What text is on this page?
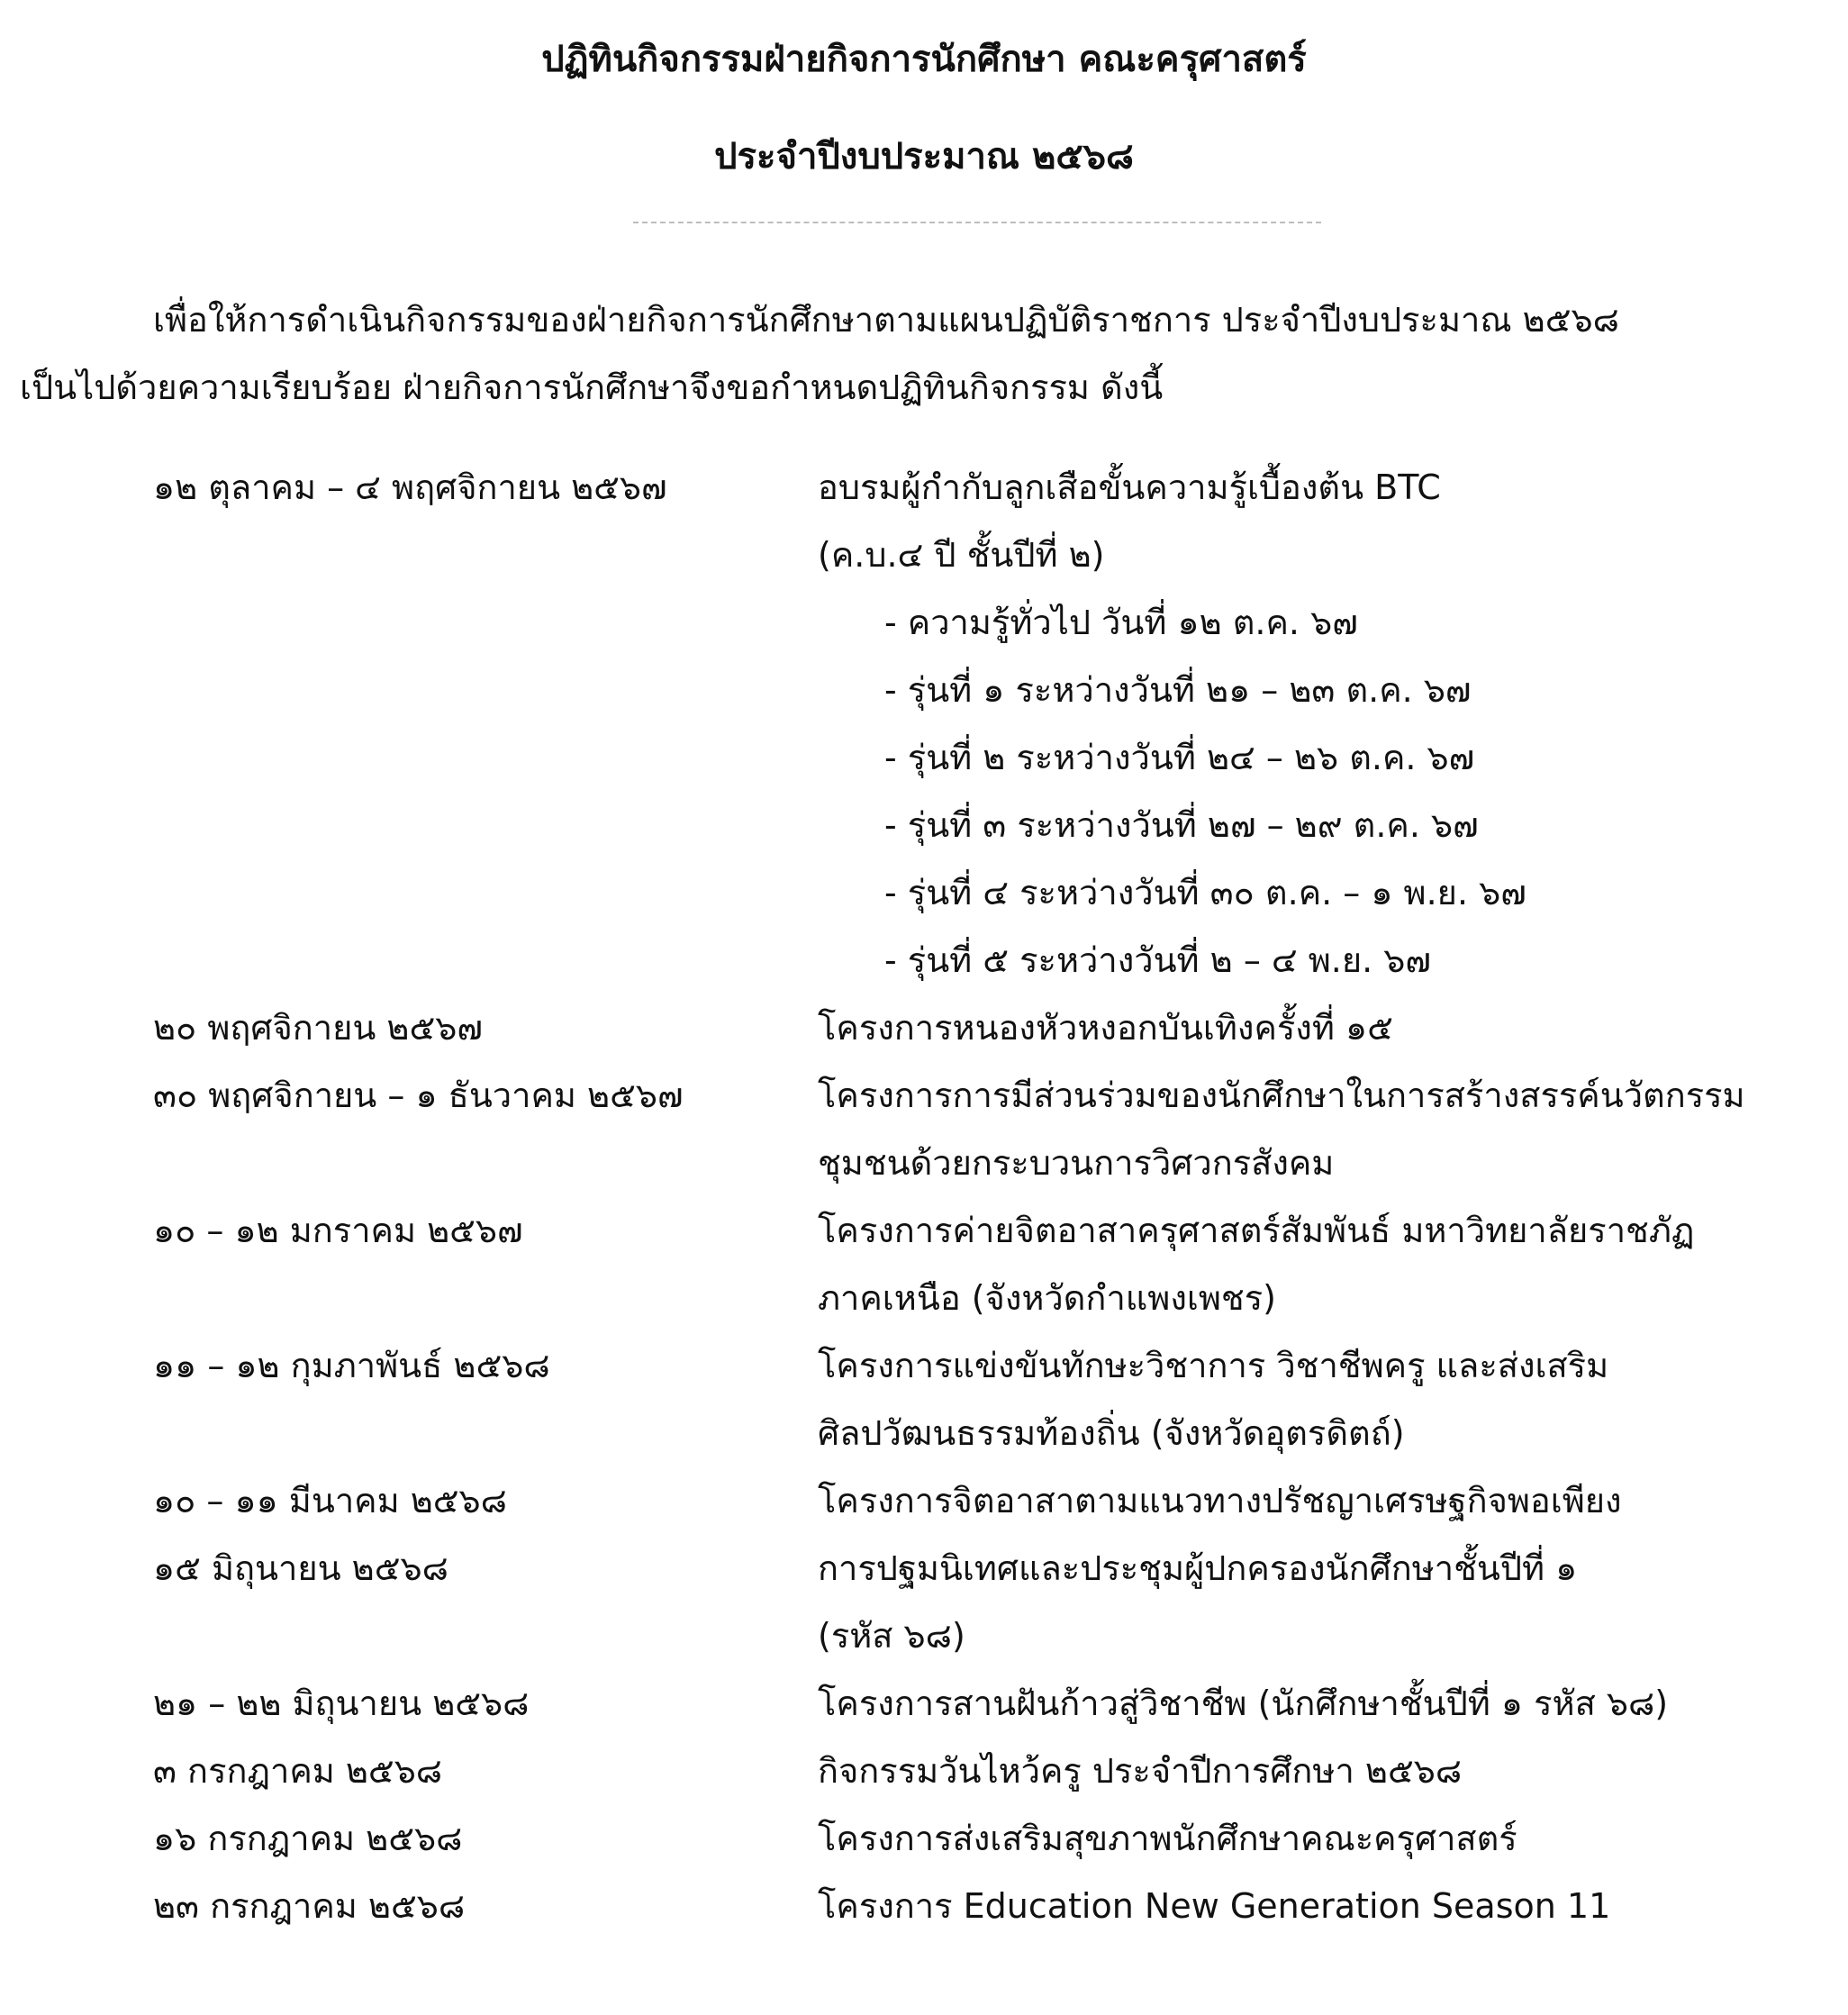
ปฏิทินกิจกรรมฝ่ายกิจการนักศึกษา คณะครุศาสตร์
ประจำปีงบประมาณ ๒๕๖๘
เพื่อให้การดำเนินกิจกรรมของฝ่ายกิจการนักศึกษาตามแผนปฏิบัติราชการ ประจำปีงบประมาณ ๒๕๖๘
เป็นไปด้วยความเรียบร้อย ฝ่ายกิจการนักศึกษาจึงขอกำหนดปฏิทินกิจกรรม ดังนี้
๑๒ ตุลาคม – ๔ พฤศจิกายน ๒๕๖๗	อบรมผู้กำกับลูกเสือขั้นความรู้เบื้องต้น BTC
(ค.บ.๔ ปี ชั้นปีที่ ๒)
- ความรู้ทั่วไป วันที่ ๑๒ ต.ค. ๖๗
- รุ่นที่ ๑ ระหว่างวันที่ ๒๑ – ๒๓ ต.ค. ๖๗
- รุ่นที่ ๒ ระหว่างวันที่ ๒๔ – ๒๖ ต.ค. ๖๗
- รุ่นที่ ๓ ระหว่างวันที่ ๒๗ – ๒๙ ต.ค. ๖๗
- รุ่นที่ ๔ ระหว่างวันที่ ๓๐ ต.ค. – ๑ พ.ย. ๖๗
- รุ่นที่ ๕ ระหว่างวันที่ ๒ – ๔ พ.ย. ๖๗
๒๐ พฤศจิกายน ๒๕๖๗	โครงการหนองหัวหงอกบันเทิงครั้งที่ ๑๕
๓๐ พฤศจิกายน – ๑ ธันวาคม ๒๕๖๗	โครงการการมีส่วนร่วมของนักศึกษาในการสร้างสรรค์นวัตกรรม
ชุมชนด้วยกระบวนการวิศวกรสังคม
๑๐ – ๑๒ มกราคม ๒๕๖๗	โครงการค่ายจิตอาสาครุศาสตร์สัมพันธ์ มหาวิทยาลัยราชภัฏ
ภาคเหนือ (จังหวัดกำแพงเพชร)
๑๑ – ๑๒ กุมภาพันธ์ ๒๕๖๘	โครงการแข่งขันทักษะวิชาการ วิชาชีพครู และส่งเสริม
ศิลปวัฒนธรรมท้องถิ่น (จังหวัดอุตรดิตถ์)
๑๐ – ๑๑ มีนาคม ๒๕๖๘	โครงการจิตอาสาตามแนวทางปรัชญาเศรษฐกิจพอเพียง
๑๕ มิถุนายน ๒๕๖๘	การปฐมนิเทศและประชุมผู้ปกครองนักศึกษาชั้นปีที่ ๑
(รหัส ๖๘)
๒๑ – ๒๒ มิถุนายน ๒๕๖๘	โครงการสานฝันก้าวสู่วิชาชีพ (นักศึกษาชั้นปีที่ ๑ รหัส ๖๘)
๓ กรกฎาคม ๒๕๖๘	กิจกรรมวันไหว้ครู ประจำปีการศึกษา ๒๕๖๘
๑๖ กรกฎาคม ๒๕๖๘	โครงการส่งเสริมสุขภาพนักศึกษาคณะครุศาสตร์
๒๓ กรกฎาคม ๒๕๖๘	โครงการ Education New Generation Season 11
